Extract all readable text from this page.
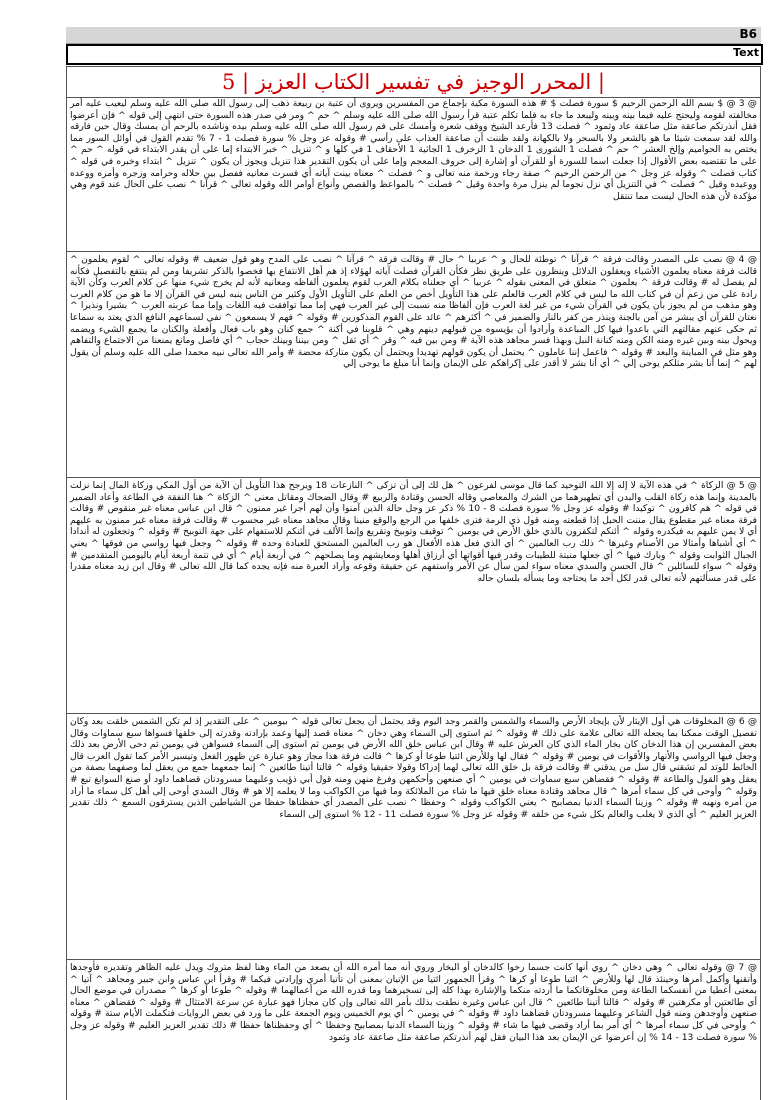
B6
Text
المحرر الوجيز في تفسير الكتاب العزيز | 5 |
@ 3 @ $ بسم الله الرحمن الرحيم $ سورة فصلت $ # هذه السورة مكية بإجماع من المفسرين ويروى أن عتبة بن ربيعة ذهب إلى رسول الله صلى الله عليه وسلم ليعيب عليه أمر مخالفته لقومه وليحتج عليه فيما بينه وبينه وليبعد ما جاء به فلما تكلم عتبة قرأ رسول الله صلى الله عليه وسلم ^ حم ^ ومر في صدر هذه السورة حتى انتهى إلى قوله ^ فإن أعرضوا فقل أنذرتكم صاعقة مثل صاعقة عاد وثمود ^ فصلت 13 فأرعد الشيخ ووقف شعره وأمسك على فم رسول الله صلى الله عليه وسلم بيده وناشده بالرحم أن يمسك وقال حين فارقه والله لقد سمعت شيئا ما هو بالشعر ولا بالسحر ولا بالكهانة ولقد ظننت أن صاعقة العذاب على رأسي # وقوله عز وجل % سورة فصلت 1 - 7 % تقدم القول في أوائل السور مما يختص به الحواميم وإلخ العشر ^ حم ^ فصلت 1 الشورى 1 الدخان 1 الزخرف 1 الجاثية 1 الأحقاف 1 في كلها و ^ تنزيل ^ خبر الابتداء إما على أن يقدر الابتداء في قوله ^ حم ^ على ما تقتضيه بعض الأقوال إذا جعلت اسما للسورة أو للقرآن أو إشارة إلى حروف المعجم وإما على أن يكون التقدير هذا تنزيل ويجوز أن يكون ^ تنزيل ^ ابتداء وخبره في قوله ^ كتاب فصلت ^ وقوله عز وجل ^ من الرحمن الرحيم ^ صفة رجاء ورحمة منه تعالى و ^ فصلت ^ معناه بينت آياته أي فسرت معانيه ففصل بين حلاله وحرامه وزجره وأمره ووعده ووعيده وقيل ^ فصلت ^ في التنزيل أي نزل نجوما لم ينزل مرة واحدة وقيل ^ فصلت ^ بالمواعظ والقصص وأنواع أوامر الله وقوله تعالى ^ قرآنا ^ نصب على الحال عند قوم وهي مؤكدة لأن هذه الحال ليست مما تنتقل
@ 4 @ نصب على المصدر وقالت فرقة ^ قرآنا ^ توطئة للحال و ^ عربيا ^ حال # وقالت فرقة ^ قرآنا ^ نصب على المدح وهو قول ضعيف # وقوله تعالى ^ لقوم يعلمون ^ قالت فرقة معناه يعلمون الأشياء ويعقلون الدلائل وينظرون على طريق نظر فكأن القرآن فصلت آياته لهؤلاء إذ هم أهل الانتفاع بها فخصوا بالذكر تشريفا ومن لم ينتفع بالتفصيل فكأنه لم يفصل له # وقالت فرقة ^ يعلمون ^ متعلق في المعنى بقوله ^ عربيا ^ أي جعلناه بكلام العرب لقوم يعلمون ألفاظه ومعانيه لأنه لم يخرج شيء منها عن كلام العرب وكأن الآية رادة على من زعم أن في كتاب الله ما ليس في كلام العرب فالعلم على هذا التأويل أخص من العلم على التأويل الأول وكثير من الناس ينبه ليس في القرآن إلا ما هو من كلام العرب وهو مذهب من لم يجوز بأن يكون في القرآن شيء من غير لغة العرب فإن ألفاظا منه نسبت إلى غير العرب فهي إما مما توافقت فيه اللغات وإما مما عربته العرب ^ بشيرا ونذيرا ^ نعتان للقرآن أي يبشر من آمن بالجنة وينذر من كفر بالنار والضمير في ^ أكثرهم ^ عائد على القوم المذكورين # وقوله ^ فهم لا يسمعون ^ نفي لسماعهم النافع الذي يعتد به سماعا ثم حكى عنهم مقالتهم التي باعدوا فيها كل المباعدة وأرادوا أن يؤيسوه من قبولهم دينهم وهي ^ قلوبنا في أكنة ^ جمع كنان وهو باب فعال وأفعلة والكنان ما يجمع الشيء ويضمه ويحول بينه وبين غيره ومنه الكن ومنه كنانة النبل وبهذا فسر مجاهد هذه الآية # ومن بين فيه ^ وقر ^ أي ثقل ^ ومن بيننا وبينك حجاب ^ أي فاصل ومانع يمنعنا من الاجتماع والتفاهم وهو مثل في المباينة والبعد # وقوله ^ فاعمل إننا عاملون ^ يحتمل أن يكون قولهم تهديدا ويحتمل أن يكون متاركة محضة # وأمر الله تعالى نبيه محمدا صلى الله عليه وسلم أن يقول لهم ^ إنما أنا بشر مثلكم يوحى إلي ^ أي أنا بشر لا أقدر على إكراهكم على الإيمان وإنما أنا مبلغ ما يوحى إلي
@ 5 @ الزكاة ^ في هذه الآية لا إله إلا الله التوحيد كما قال موسى لفرعون ^ هل لك إلى أن تزكى ^ النازعات 18 ويرجح هذا التأويل أن الآية من أول المكي وزكاة المال إنما نزلت بالمدينة وإنما هذه زكاة القلب والبدن أي تطهيرهما من الشرك والمعاصي وقاله الحسن وقتادة والربيع # وقال الضحاك ومقاتل معنى ^ الزكاة ^ هنا النفقة في الطاعة وأعاد الضمير في قوله ^ هم كافرون ^ توكيدا # وقوله عز وجل % سورة فصلت 8 - 10 % ذكر عز وجل حالة الذين آمنوا وأن لهم أجرا غير ممنون ^ قال ابن عباس معناه غير منقوص # وقالت فرقة معناه غير مقطوع يقال مننت الحبل إذا قطعته ومنه قول ذي الرمة فترى خلفها من الرجع والوقع منينا وقال مجاهد معناه غير محسوب # وقالت فرقة معناه غير ممنون به عليهم أي لا يمن عليهم به فيكدره وقوله ^ أئنكم لتكفرون بالذي خلق الأرض في يومين ^ توقيف وتوبيخ وتقريع وإنما الألف في أئنكم للاستفهام على جهة التوبيخ # وقوله ^ وتجعلون له أندادا ^ أي أشباها وأمثالا من الأصنام وغيرها ^ ذلك رب العالمين ^ أي الذي فعل هذه الأفعال هو رب العالمين المستحق للعبادة وحده # وقوله ^ وجعل فيها رواسي من فوقها ^ يعني الجبال الثوابت وقوله ^ وبارك فيها ^ أي جعلها منبتة للطيبات وقدر فيها أقواتها أي أرزاق أهلها ومعايشهم وما يصلحهم ^ في أربعة أيام ^ أي في تتمة أربعة أيام باليومين المتقدمين # وقوله ^ سواء للسائلين ^ قال الحسن والسدي معناه سواء لمن سأل عن الأمر واستفهم عن حقيقة وقوعه وأراد العبرة منه فإنه يجده كما قال الله تعالى # وقال ابن زيد معناه مقدرا على قدر مسألتهم لأنه تعالى قدر لكل أحد ما يحتاجه وما يسأله بلسان حاله
@ 6 @ المخلوقات هي أول الإيثار لأن بإيجاد الأرض والسماء والشمس والقمر وجد اليوم وقد يحتمل أن يجعل تعالى قوله ^ بيومين ^ على التقدير إذ لم تكن الشمس خلقت بعد وكان تفصيل الوقت ممكنا بما يجعله الله تعالى علامة على ذلك # وقوله ^ ثم استوى إلى السماء وهي دخان ^ معناه قصد إليها وعمد بإرادته وقدرته إلى خلقها فسواها سبع سماوات وقال بعض المفسرين إن هذا الدخان كان بخار الماء الذي كان العرش عليه # وقال ابن عباس خلق الله الأرض في يومين ثم استوى إلى السماء فسواهن في يومين ثم دحى الأرض بعد ذلك وجعل فيها الرواسي والأنهار والأقوات في يومين # وقوله ^ فقال لها وللأرض ائتيا طوعا أو كرها ^ قالت فرقة هذا مجاز وهو عبارة عن ظهور الفعل وتيسير الأمر كما تقول العرب قال الحائط للوتد لم تشقني قال سل من يدقني # وقالت فرقة بل خلق الله تعالى لهما إدراكا وقولا حقيقيا وقوله ^ قالتا أتينا طائعين ^ إنما جمعهما جمع من يعقل لما وصفهما بصفة من يعقل وهو القول والطاعة # وقوله ^ فقضاهن سبع سماوات في يومين ^ أي صنعهن وأحكمهن وفرغ منهن ومنه قول أبي ذؤيب وعليهما مسرودتان قضاهما داود أو صنع السوابغ تبع # وقوله ^ وأوحى في كل سماء أمرها ^ قال مجاهد وقتادة معناه خلق فيها ما شاء من الملائكة وما فيها من الكواكب وما لا يعلمه إلا هو # وقال السدي أوحى إلى أهل كل سماء ما أراد من أمره ونهيه # وقوله ^ وزينا السماء الدنيا بمصابيح ^ يعني الكواكب وقوله ^ وحفظا ^ نصب على المصدر أي حفظناها حفظا من الشياطين الذين يسترقون السمع ^ ذلك تقدير العزيز العليم ^ أي الذي لا يغلب والعالم بكل شيء من خلقه # وقوله عز وجل % سورة فصلت 11 - 12 % استوى إلى السماء
@ 7 @ وقوله تعالى ^ وهي دخان ^ روي أنها كانت جسما رخوا كالدخان أو البخار وروي أنه مما أمره الله أن يصعد من الماء وهنا لفظ متروك ويدل عليه الظاهر وتقديره فأوجدها وأتقنها وأكمل أمرها وحينئذ قال لها وللأرض ^ ائتيا طوعا أو كرها ^ وقرأ الجمهور ائتيا من الإتيان بمعنى أن تأتيا أمري وإرادتي فيكما # وقرأ ابن عباس وابن جبير ومجاهد ^ آتيا ^ بمعنى أعطيا من أنفسكما الطاعة ومن مخلوقاتكما ما أردته منكما والإشارة بهذا كله إلى تسخيرهما وما قدره الله من أعمالهما # وقوله ^ طوعا أو كرها ^ مصدران في موضع الحال أي طائعتين أو مكرهتين # وقوله ^ قالتا أتينا طائعين ^ قال ابن عباس وغيره نطقت بذلك بأمر الله تعالى وإن كان مجازا فهو عبارة عن سرعة الامتثال # وقوله ^ فقضاهن ^ معناه صنعهن وأوجدهن ومنه قول الشاعر وعليهما مسرودتان قضاهما داود # وقوله ^ في يومين ^ أي يوم الخميس ويوم الجمعة على ما ورد في بعض الروايات فتكملت الأيام ستة # وقوله ^ وأوحى في كل سماء أمرها ^ أي أمر بما أراد وقضى فيها ما شاء # وقوله ^ وزينا السماء الدنيا بمصابيح وحفظا ^ أي وحفظناها حفظا # ذلك تقدير العزيز العليم # وقوله عز وجل % سورة فصلت 13 - 14 % إن أعرضوا عن الإيمان بعد هذا البيان فقل لهم أنذرتكم صاعقة مثل صاعقة عاد وثمود
